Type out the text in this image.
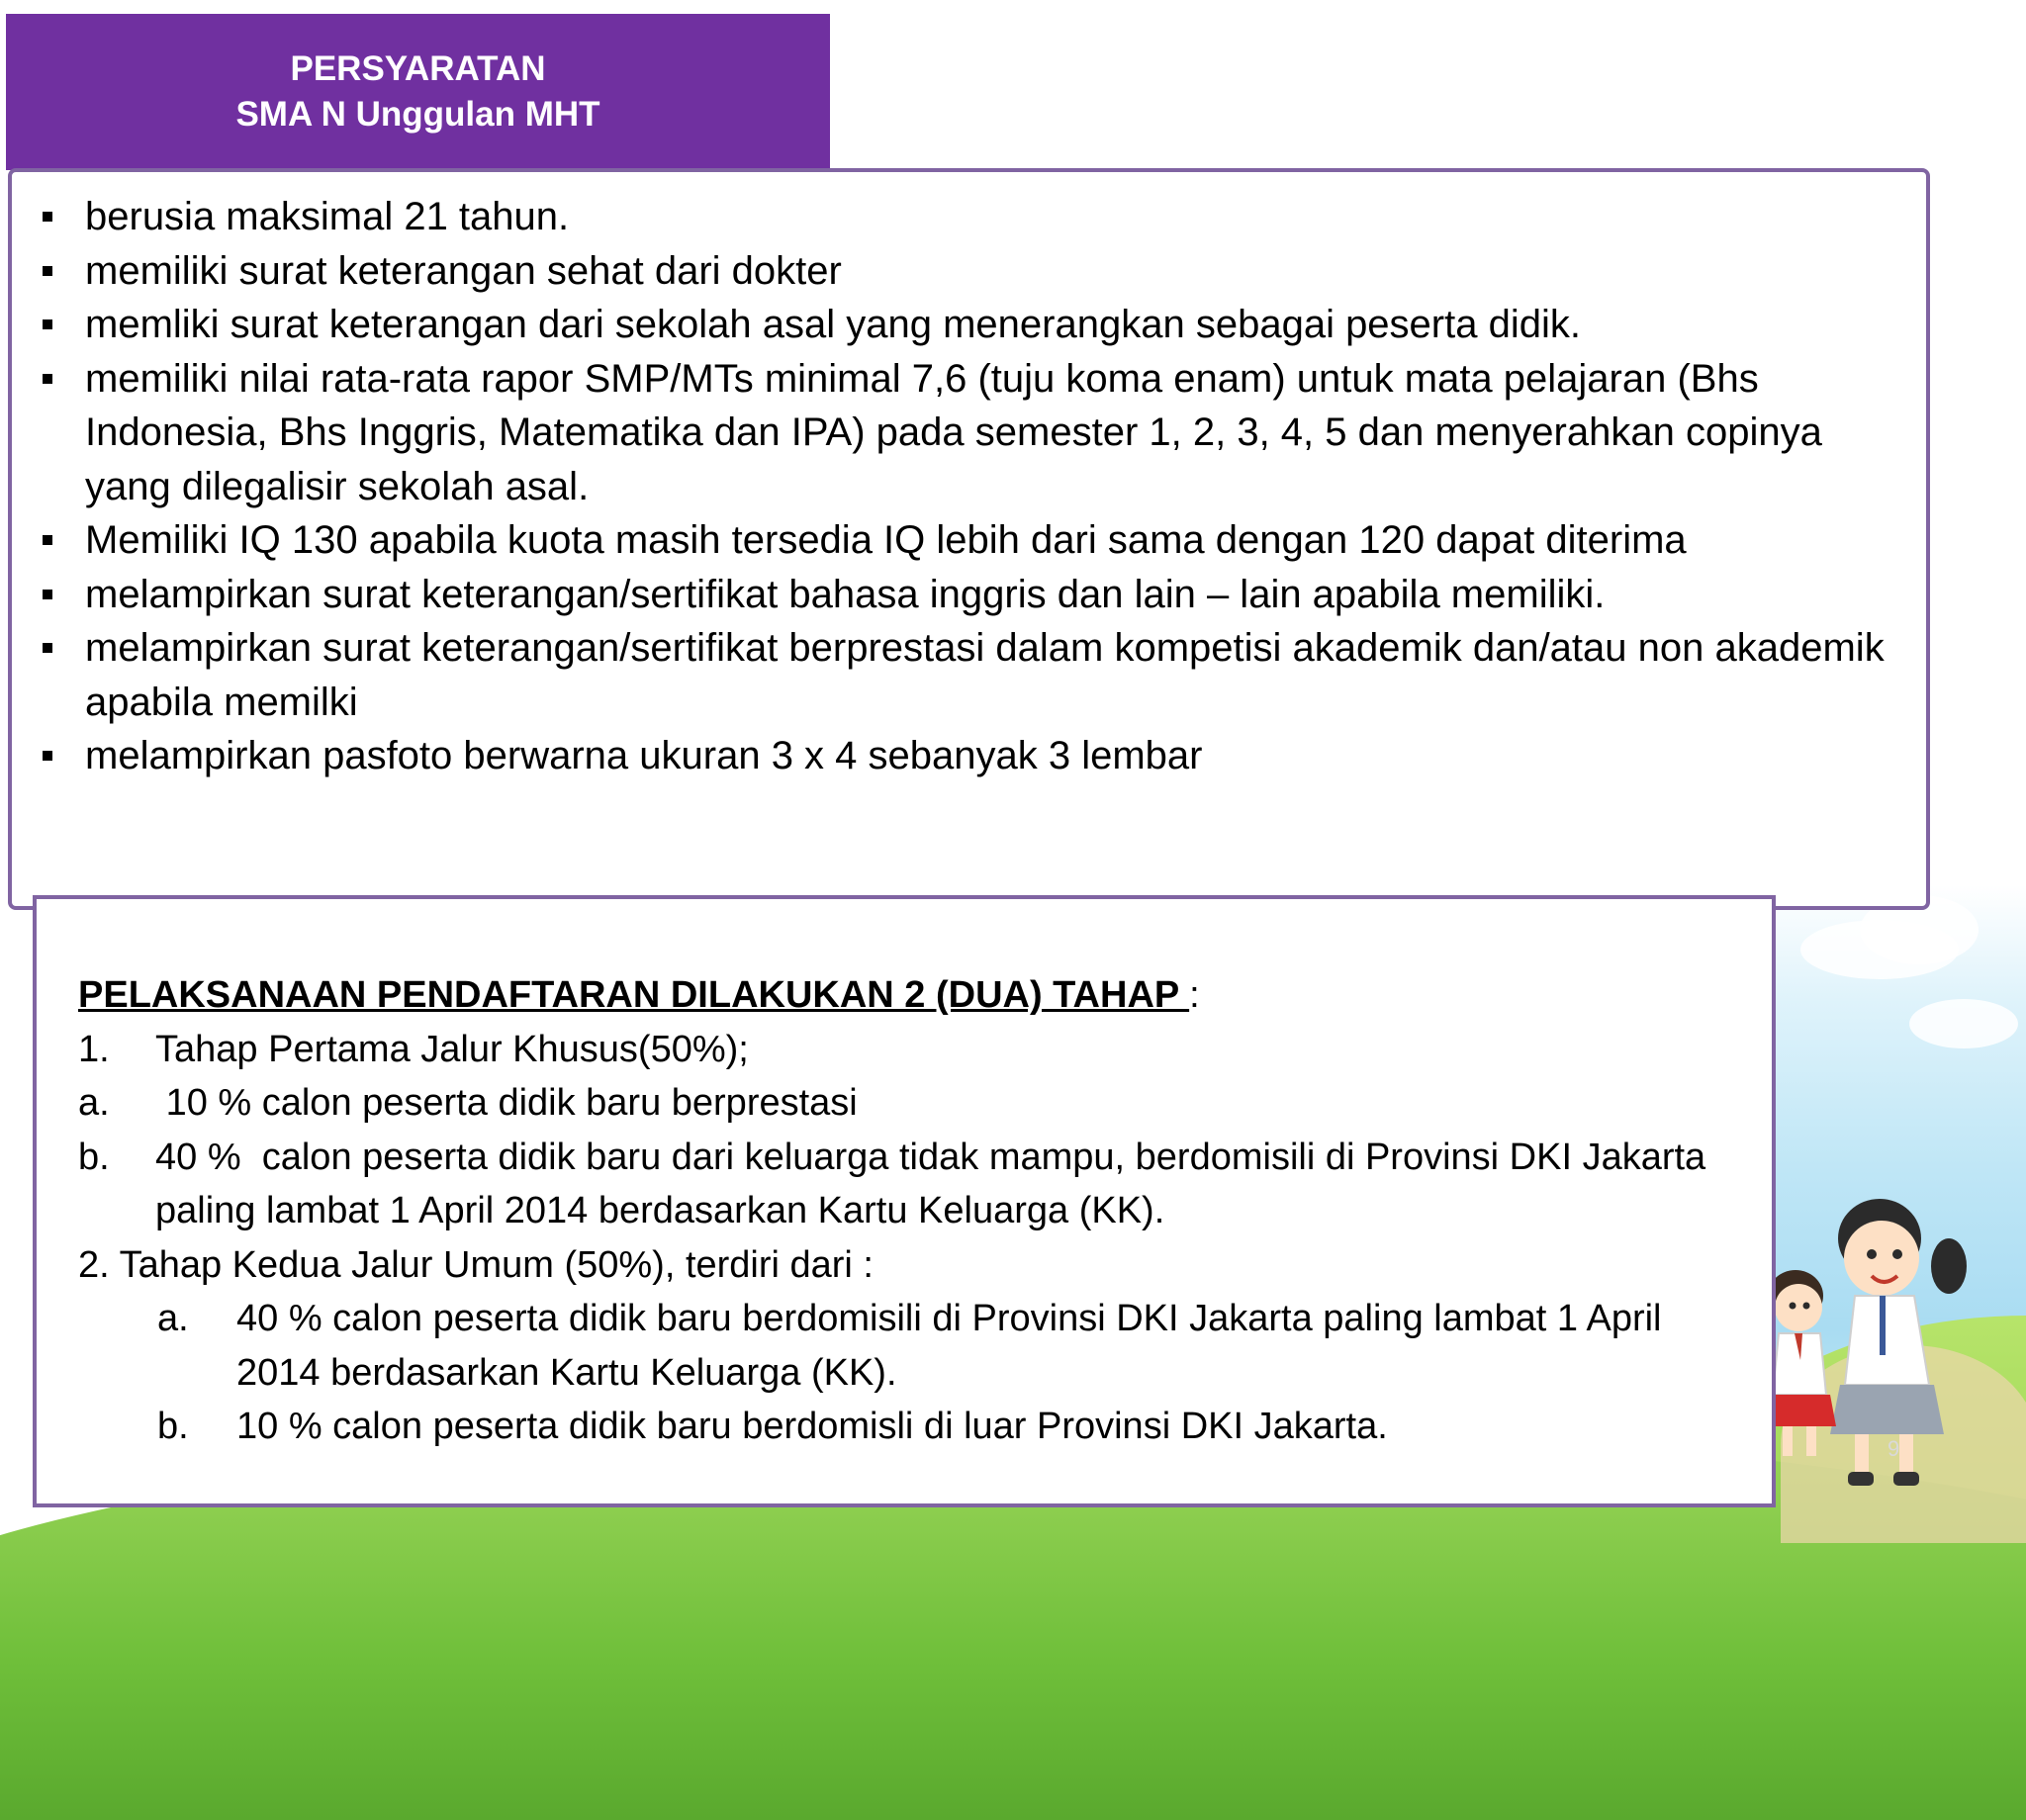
PERSYARATAN
SMA N Unggulan MHT
berusia maksimal 21 tahun.
memiliki surat keterangan sehat dari dokter
memliki surat keterangan dari sekolah asal yang menerangkan sebagai peserta didik.
memiliki nilai rata-rata rapor SMP/MTs minimal 7,6 (tuju koma enam) untuk mata pelajaran (Bhs Indonesia, Bhs Inggris, Matematika dan IPA) pada semester 1, 2, 3, 4, 5 dan menyerahkan copinya yang dilegalisir sekolah asal.
Memiliki IQ 130 apabila kuota masih tersedia IQ lebih dari sama dengan 120 dapat diterima
melampirkan surat keterangan/sertifikat bahasa inggris dan lain – lain apabila memiliki.
melampirkan surat keterangan/sertifikat berprestasi dalam kompetisi akademik dan/atau non akademik apabila memilki
melampirkan pasfoto berwarna ukuran 3 x 4 sebanyak 3 lembar
PELAKSANAAN PENDAFTARAN DILAKUKAN 2 (DUA) TAHAP :
1.	Tahap Pertama Jalur Khusus(50%);
a.	10 % calon peserta didik baru berprestasi
b.	40 %  calon peserta didik baru dari keluarga tidak mampu, berdomisili di Provinsi DKI Jakarta paling lambat 1 April 2014 berdasarkan Kartu Keluarga (KK).
2. Tahap Kedua Jalur Umum (50%), terdiri dari :
a.	40 % calon peserta didik baru berdomisili di Provinsi DKI Jakarta paling lambat 1 April 2014 berdasarkan Kartu Keluarga (KK).
b.	10 % calon peserta didik baru berdomisli di luar Provinsi DKI Jakarta.
9
